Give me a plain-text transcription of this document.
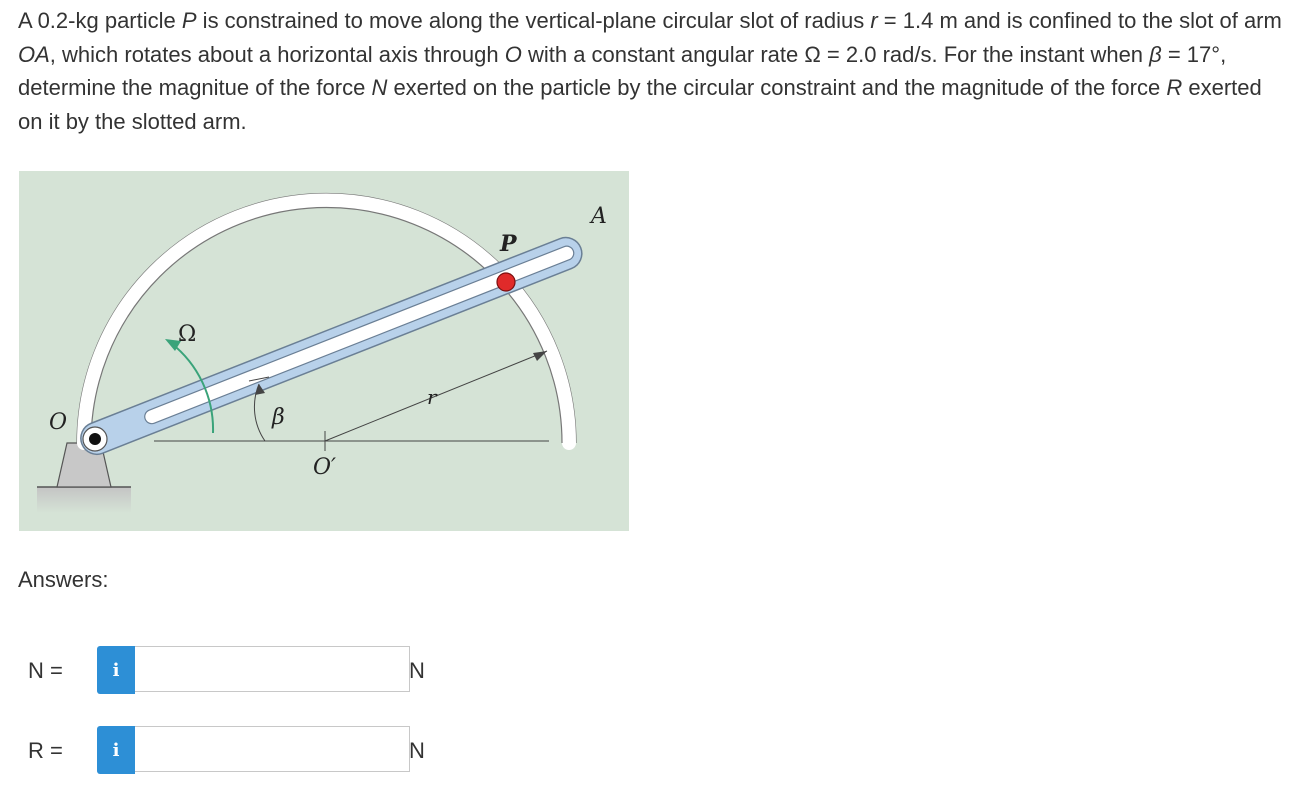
A 0.2-kg particle P is constrained to move along the vertical-plane circular slot of radius r = 1.4 m and is confined to the slot of arm OA, which rotates about a horizontal axis through O with a constant angular rate Ω = 2.0 rad/s. For the instant when β = 17°, determine the magnitue of the force N exerted on the particle by the circular constraint and the magnitude of the force R exerted on it by the slotted arm.
O
A
P
Ω
β
r
O′
Answers:
N =	i	N
R =	i	N
